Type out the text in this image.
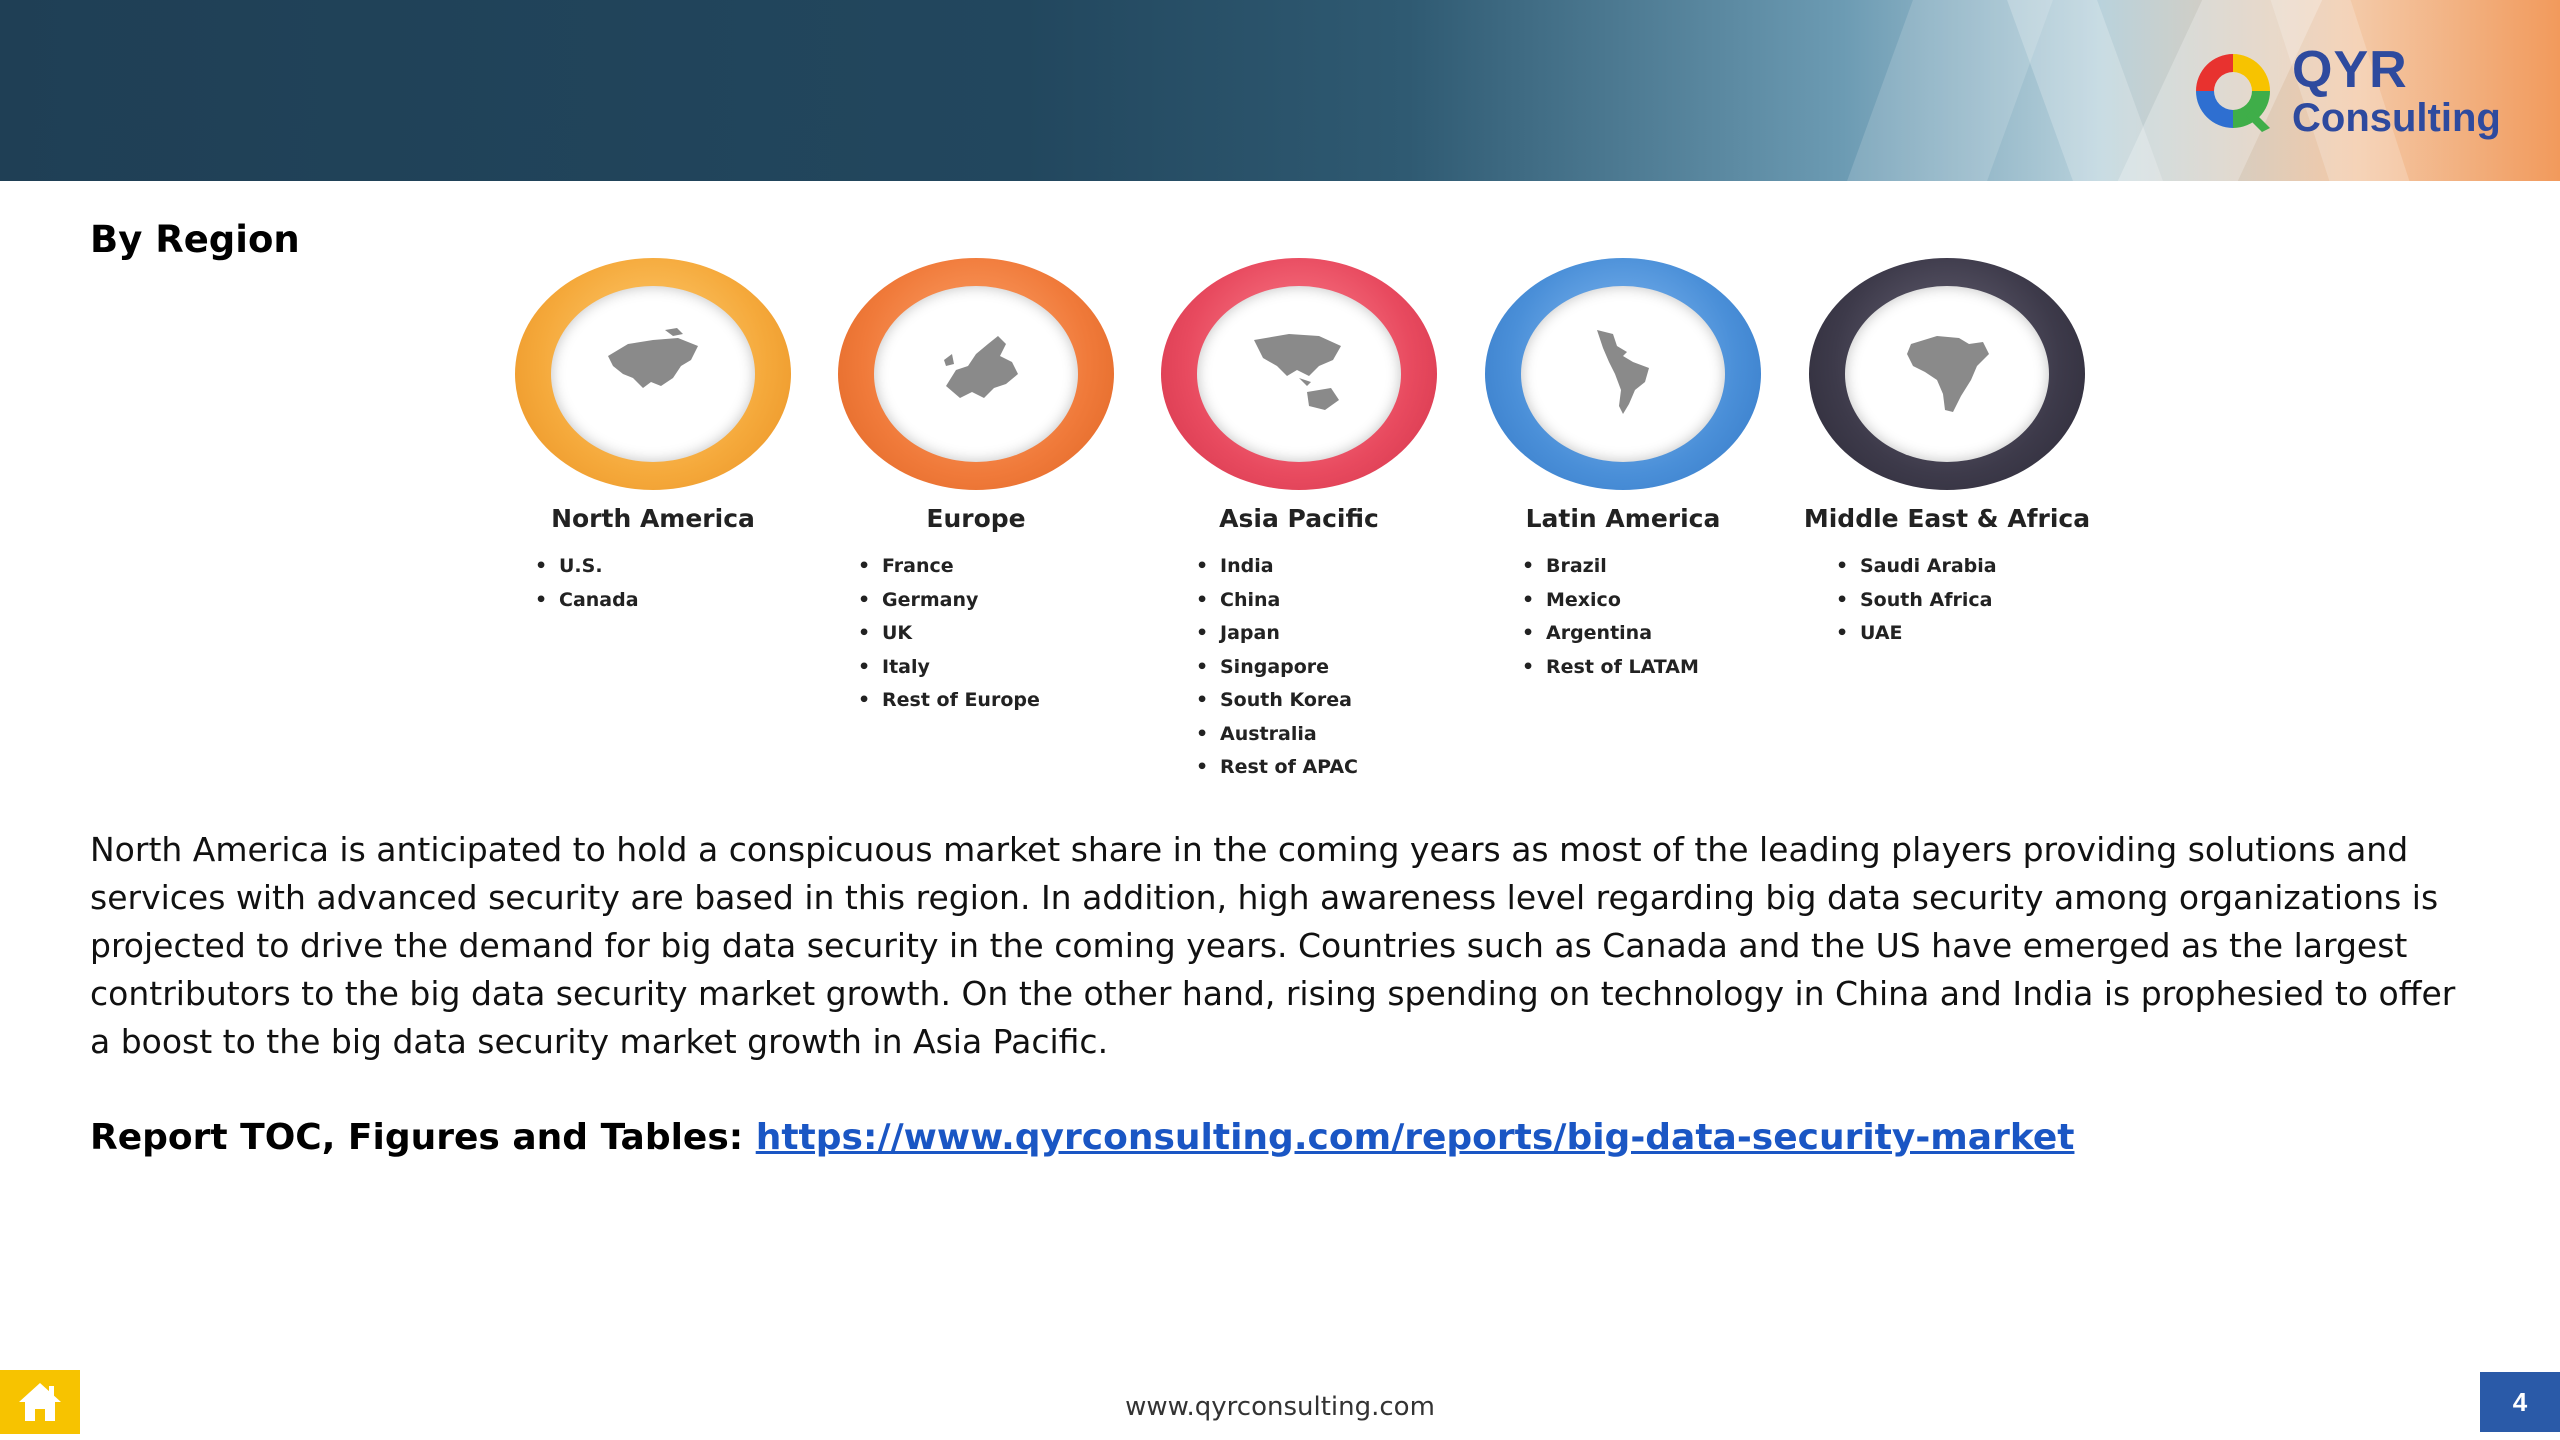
QYR
Consulting
By Region
North America
• U.S.
• Canada
Europe
• France
• Germany
• UK
• Italy
• Rest of Europe
Asia Pacific
• India
• China
• Japan
• Singapore
• South Korea
• Australia
• Rest of APAC
Latin America
• Brazil
• Mexico
• Argentina
• Rest of LATAM
Middle East & Africa
• Saudi Arabia
• South Africa
• UAE

North America is anticipated to hold a conspicuous market share in the coming years as most of the leading players providing solutions and services with advanced security are based in this region. In addition, high awareness level regarding big data security among organizations is projected to drive the demand for big data security in the coming years. Countries such as Canada and the US have emerged as the largest contributors to the big data security market growth. On the other hand, rising spending on technology in China and India is prophesied to offer a boost to the big data security market growth in Asia Pacific.

Report TOC, Figures and Tables: https://www.qyrconsulting.com/reports/big-data-security-market
www.qyrconsulting.com	4
